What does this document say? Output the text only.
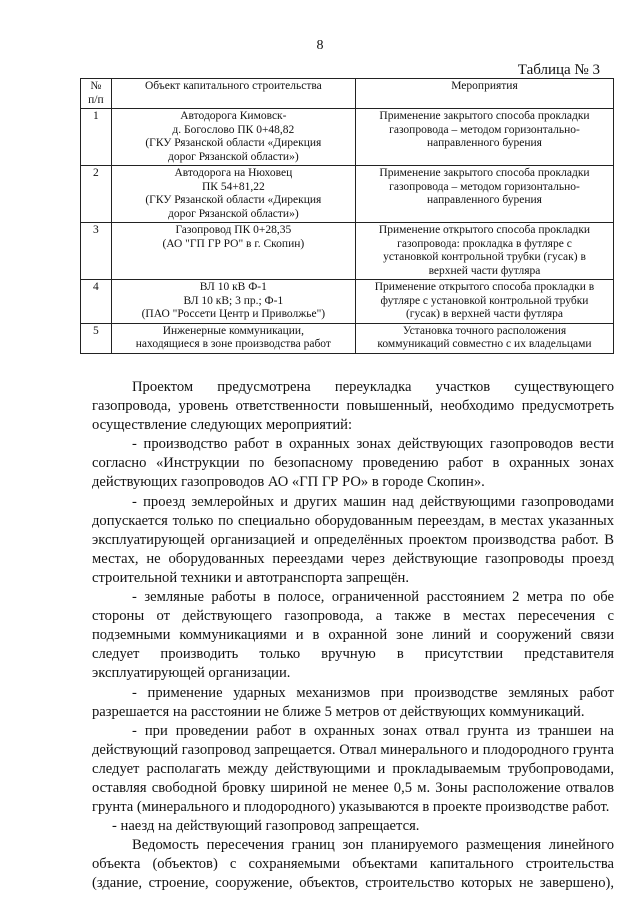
8
Таблица № 3
№
п/п	Объект капитального строительства	Мероприятия
1	Автодорога Кимовск-
д. Богослово ПК 0+48,82
(ГКУ Рязанской области «Дирекция
дорог Рязанской области»)	Применение закрытого способа прокладки
газопровода – методом горизонтально-
направленного бурения

2	Автодорога на Нюховец
ПК 54+81,22
(ГКУ Рязанской области «Дирекция
дорог Рязанской области»)	Применение закрытого способа прокладки
газопровода – методом горизонтально-
направленного бурения

3	Газопровод ПК 0+28,35
(АО "ГП ГР РО" в г. Скопин)	Применение открытого способа прокладки
газопровода: прокладка в футляре с
установкой контрольной трубки (гусак) в
верхней части футляра

4	ВЛ 10 кВ Ф-1
ВЛ 10 кВ; 3 пр.; Ф-1
(ПАО "Россети Центр и Приволжье")	Применение открытого способа прокладки в
футляре с установкой контрольной трубки
(гусак) в верхней части футляра

5	Инженерные коммуникации,
находящиеся в зоне производства работ	Установка точного расположения
коммуникаций совместно с их владельцами

Проектом предусмотрена переукладка участков существующего газопровода, уровень ответственности повышенный, необходимо предусмотреть осуществление следующих мероприятий:

- производство работ в охранных зонах действующих газопроводов вести согласно «Инструкции по безопасному проведению работ в охранных зонах действующих газопроводов АО «ГП ГР РО» в городе Скопин».

- проезд землеройных и других машин над действующими газопроводами допускается только по специально оборудованным переездам, в местах указанных эксплуатирующей организацией и определённых проектом производства работ. В местах, не оборудованных переездами через действующие газопроводы проезд строительной техники и автотранспорта запрещён.

- земляные работы в полосе, ограниченной расстоянием 2 метра по обе стороны от действующего газопровода, а также в местах пересечения с подземными коммуникациями и в охранной зоне линий и сооружений связи следует производить только вручную в присутствии представителя эксплуатирующей организации.

- применение ударных механизмов при производстве земляных работ разрешается на расстоянии не ближе 5 метров от действующих коммуникаций.

- при проведении работ в охранных зонах отвал грунта из траншеи на действующий газопровод запрещается. Отвал минерального и плодородного грунта следует располагать между действующими и прокладываемым трубопроводами, оставляя свободной бровку шириной не менее 0,5 м. Зоны расположение отвалов грунта (минерального и плодородного) указываются в проекте производстве работ.

- наезд на действующий газопровод запрещается.

Ведомость пересечения границ зон планируемого размещения линейного объекта (объектов) с сохраняемыми объектами капитального строительства (здание, строение, сооружение, объектов, строительство которых не завершено),
